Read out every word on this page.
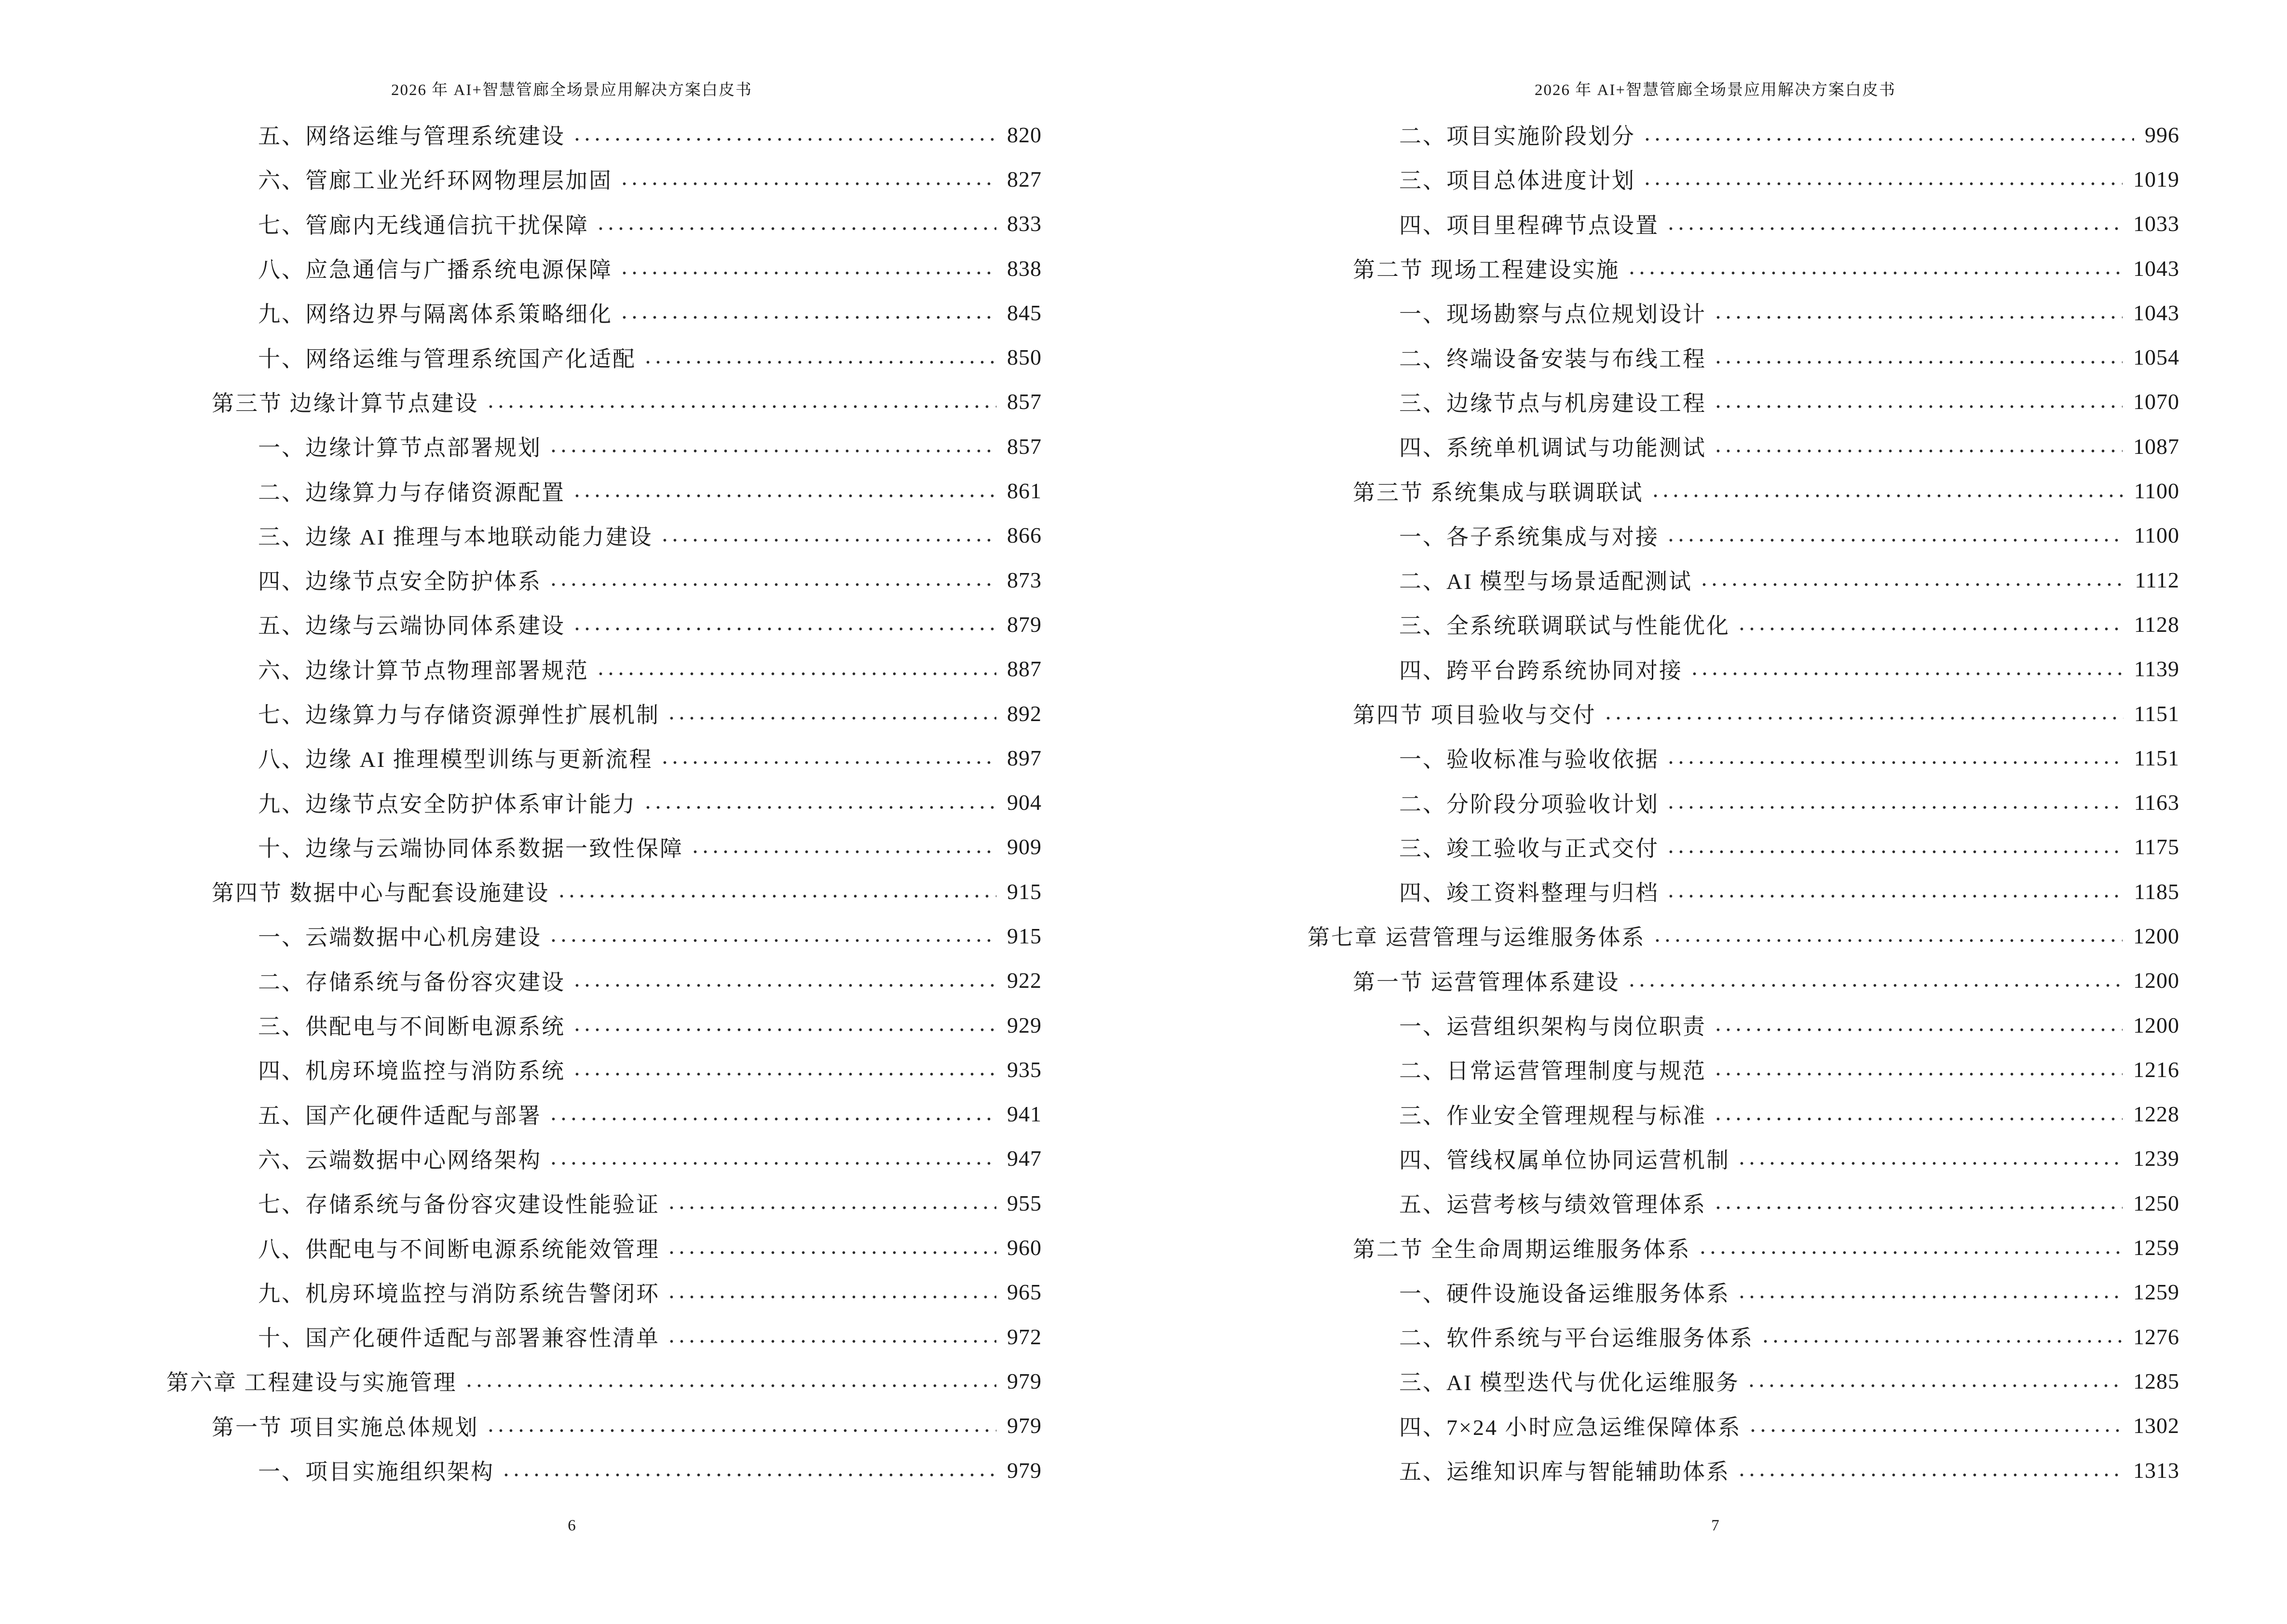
2026 年 AI+智慧管廊全场景应用解决方案白皮书
五、网络运维与管理系统建设	820
六、管廊工业光纤环网物理层加固	827
七、管廊内无线通信抗干扰保障	833
八、应急通信与广播系统电源保障	838
九、网络边界与隔离体系策略细化	845
十、网络运维与管理系统国产化适配	850
第三节 边缘计算节点建设	857
一、边缘计算节点部署规划	857
二、边缘算力与存储资源配置	861
三、边缘 AI 推理与本地联动能力建设	866
四、边缘节点安全防护体系	873
五、边缘与云端协同体系建设	879
六、边缘计算节点物理部署规范	887
七、边缘算力与存储资源弹性扩展机制	892
八、边缘 AI 推理模型训练与更新流程	897
九、边缘节点安全防护体系审计能力	904
十、边缘与云端协同体系数据一致性保障	909
第四节 数据中心与配套设施建设	915
一、云端数据中心机房建设	915
二、存储系统与备份容灾建设	922
三、供配电与不间断电源系统	929
四、机房环境监控与消防系统	935
五、国产化硬件适配与部署	941
六、云端数据中心网络架构	947
七、存储系统与备份容灾建设性能验证	955
八、供配电与不间断电源系统能效管理	960
九、机房环境监控与消防系统告警闭环	965
十、国产化硬件适配与部署兼容性清单	972
第六章 工程建设与实施管理	979
第一节 项目实施总体规划	979
一、项目实施组织架构	979
6
2026 年 AI+智慧管廊全场景应用解决方案白皮书
二、项目实施阶段划分	996
三、项目总体进度计划	1019
四、项目里程碑节点设置	1033
第二节 现场工程建设实施	1043
一、现场勘察与点位规划设计	1043
二、终端设备安装与布线工程	1054
三、边缘节点与机房建设工程	1070
四、系统单机调试与功能测试	1087
第三节 系统集成与联调联试	1100
一、各子系统集成与对接	1100
二、AI 模型与场景适配测试	1112
三、全系统联调联试与性能优化	1128
四、跨平台跨系统协同对接	1139
第四节 项目验收与交付	1151
一、验收标准与验收依据	1151
二、分阶段分项验收计划	1163
三、竣工验收与正式交付	1175
四、竣工资料整理与归档	1185
第七章 运营管理与运维服务体系	1200
第一节 运营管理体系建设	1200
一、运营组织架构与岗位职责	1200
二、日常运营管理制度与规范	1216
三、作业安全管理规程与标准	1228
四、管线权属单位协同运营机制	1239
五、运营考核与绩效管理体系	1250
第二节 全生命周期运维服务体系	1259
一、硬件设施设备运维服务体系	1259
二、软件系统与平台运维服务体系	1276
三、AI 模型迭代与优化运维服务	1285
四、7×24 小时应急运维保障体系	1302
五、运维知识库与智能辅助体系	1313
7
